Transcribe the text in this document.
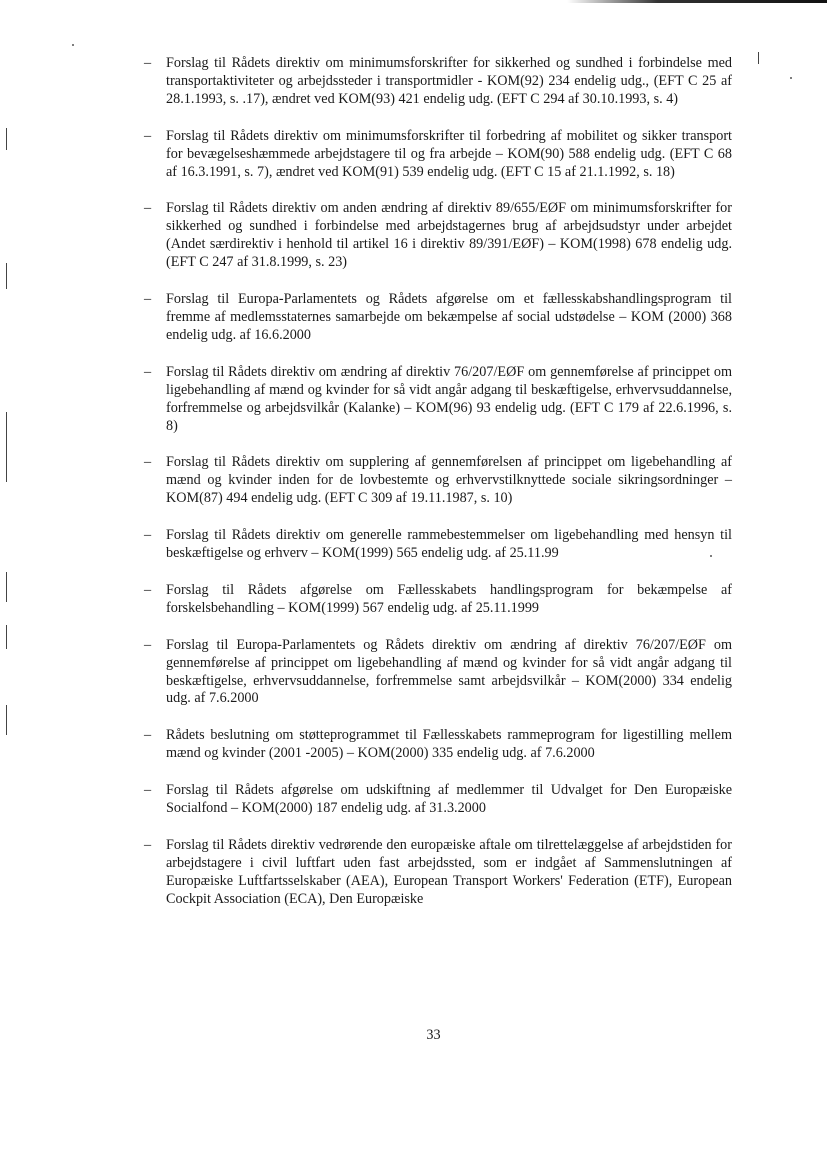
– Forslag til Rådets direktiv om minimumsforskrifter for sikkerhed og sundhed i forbindelse med transportaktiviteter og arbejdssteder i transportmidler - KOM(92) 234 endelig udg., (EFT C 25 af 28.1.1993, s. .17), ændret ved KOM(93) 421 endelig udg. (EFT C 294 af 30.10.1993, s. 4)
– Forslag til Rådets direktiv om minimumsforskrifter til forbedring af mobilitet og sikker transport for bevægelseshæmmede arbejdstagere til og fra arbejde – KOM(90) 588 endelig udg. (EFT C 68 af 16.3.1991, s. 7), ændret ved KOM(91) 539 endelig udg. (EFT C 15 af 21.1.1992, s. 18)
– Forslag til Rådets direktiv om anden ændring af direktiv 89/655/EØF om minimumsforskrifter for sikkerhed og sundhed i forbindelse med arbejdstagernes brug af arbejdsudstyr under arbejdet (Andet særdirektiv i henhold til artikel 16 i direktiv 89/391/EØF) – KOM(1998) 678 endelig udg. (EFT C 247 af 31.8.1999, s. 23)
– Forslag til Europa-Parlamentets og Rådets afgørelse om et fællesskabshandlingsprogram til fremme af medlemsstaternes samarbejde om bekæmpelse af social udstødelse – KOM (2000) 368 endelig udg. af 16.6.2000
– Forslag til Rådets direktiv om ændring af direktiv 76/207/EØF om gennemførelse af princippet om ligebehandling af mænd og kvinder for så vidt angår adgang til beskæftigelse, erhvervsuddannelse, forfremmelse og arbejdsvilkår (Kalanke) – KOM(96) 93 endelig udg. (EFT C 179 af 22.6.1996, s. 8)
– Forslag til Rådets direktiv om supplering af gennemførelsen af princippet om ligebehandling af mænd og kvinder inden for de lovbestemte og erhvervstilknyttede sociale sikringsordninger – KOM(87) 494 endelig udg. (EFT C 309 af 19.11.1987, s. 10)
– Forslag til Rådets direktiv om generelle rammebestemmelser om ligebehandling med hensyn til beskæftigelse og erhverv – KOM(1999) 565 endelig udg. af 25.11.99
– Forslag til Rådets afgørelse om Fællesskabets handlingsprogram for bekæmpelse af forskelsbehandling – KOM(1999) 567 endelig udg. af 25.11.1999
– Forslag til Europa-Parlamentets og Rådets direktiv om ændring af direktiv 76/207/EØF om gennemførelse af princippet om ligebehandling af mænd og kvinder for så vidt angår adgang til beskæftigelse, erhvervsuddannelse, forfremmelse samt arbejdsvilkår – KOM(2000) 334 endelig udg. af 7.6.2000
– Rådets beslutning om støtteprogrammet til Fællesskabets rammeprogram for ligestilling mellem mænd og kvinder (2001 -2005) – KOM(2000) 335 endelig udg. af 7.6.2000
– Forslag til Rådets afgørelse om udskiftning af medlemmer til Udvalget for Den Europæiske Socialfond – KOM(2000) 187 endelig udg. af 31.3.2000
– Forslag til Rådets direktiv vedrørende den europæiske aftale om tilrettelæggelse af arbejdstiden for arbejdstagere i civil luftfart uden fast arbejdssted, som er indgået af Sammenslutningen af Europæiske Luftfartsselskaber (AEA), European Transport Workers' Federation (ETF), European Cockpit Association (ECA), Den Europæiske
33
